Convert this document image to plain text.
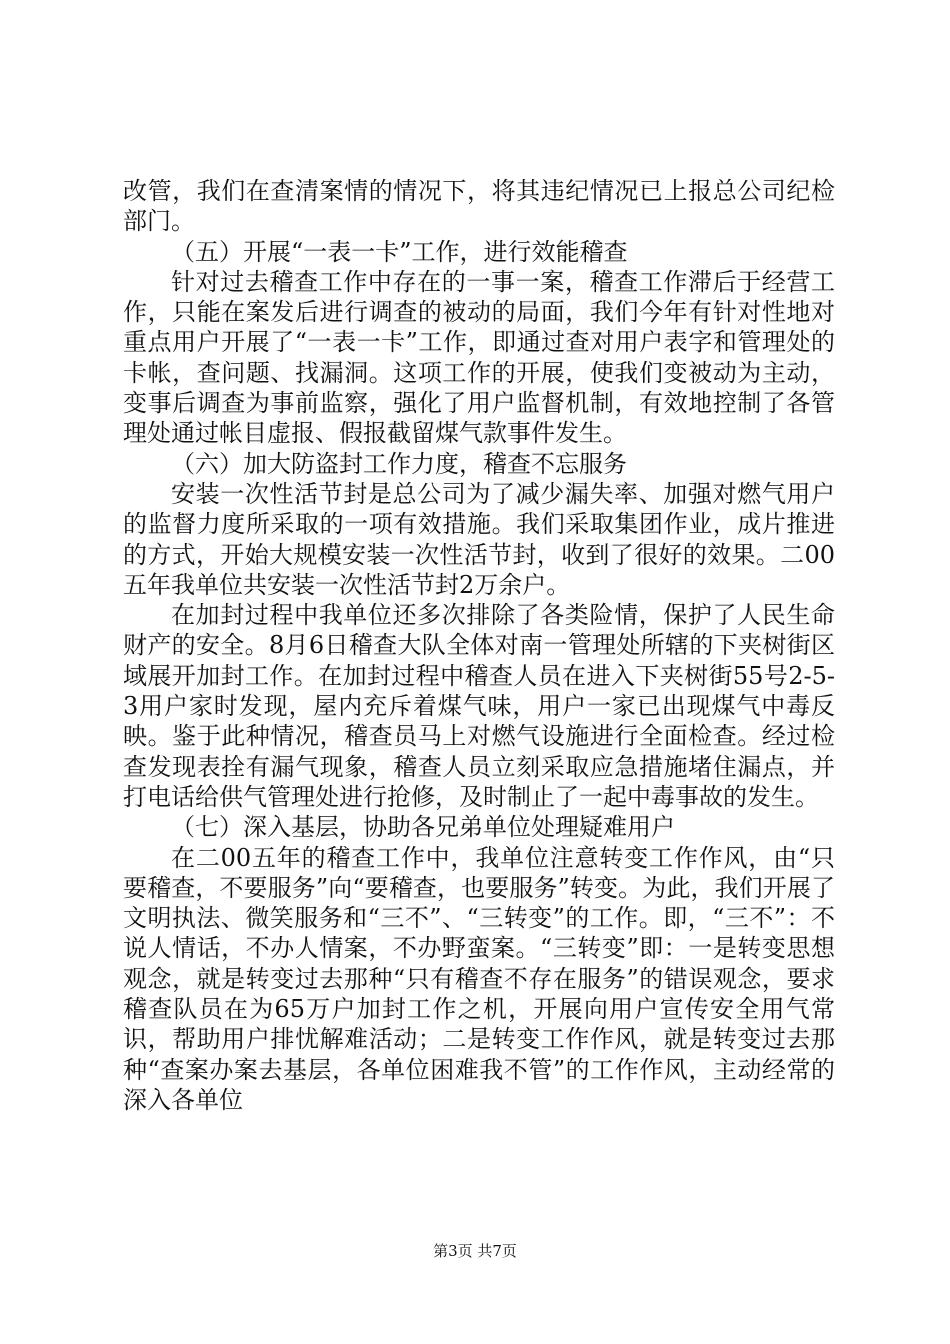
改管，我们在查清案情的情况下，将其违纪情况已上报总公司纪检部门。

（五）开展“一表一卡”工作，进行效能稽查

针对过去稽查工作中存在的一事一案，稽查工作滞后于经营工作，只能在案发后进行调查的被动的局面，我们今年有针对性地对重点用户开展了“一表一卡”工作，即通过查对用户表字和管理处的卡帐，查问题、找漏洞。这项工作的开展，使我们变被动为主动，变事后调查为事前监察，强化了用户监督机制，有效地控制了各管理处通过帐目虚报、假报截留煤气款事件发生。

（六）加大防盗封工作力度，稽查不忘服务

安装一次性活节封是总公司为了减少漏失率、加强对燃气用户的监督力度所采取的一项有效措施。我们采取集团作业，成片推进的方式，开始大规模安装一次性活节封，收到了很好的效果。二00五年我单位共安装一次性活节封2万余户。

在加封过程中我单位还多次排除了各类险情，保护了人民生命财产的安全。8月6日稽查大队全体对南一管理处所辖的下夹树街区域展开加封工作。在加封过程中稽查人员在进入下夹树街55号2-5-3用户家时发现，屋内充斥着煤气味，用户一家已出现煤气中毒反映。鉴于此种情况，稽查员马上对燃气设施进行全面检查。经过检查发现表拴有漏气现象，稽查人员立刻采取应急措施堵住漏点，并打电话给供气管理处进行抢修，及时制止了一起中毒事故的发生。

（七）深入基层，协助各兄弟单位处理疑难用户

在二00五年的稽查工作中，我单位注意转变工作作风，由“只要稽查，不要服务”向“要稽查，也要服务”转变。为此，我们开展了文明执法、微笑服务和“三不”、“三转变”的工作。即，“三不”：不说人情话，不办人情案，不办野蛮案。“三转变”即：一是转变思想观念，就是转变过去那种“只有稽查不存在服务”的错误观念，要求稽查队员在为65万户加封工作之机，开展向用户宣传安全用气常识，帮助用户排忧解难活动；二是转变工作作风，就是转变过去那种“查案办案去基层，各单位困难我不管”的工作作风，主动经常的深入各单位

第3页 共7页
